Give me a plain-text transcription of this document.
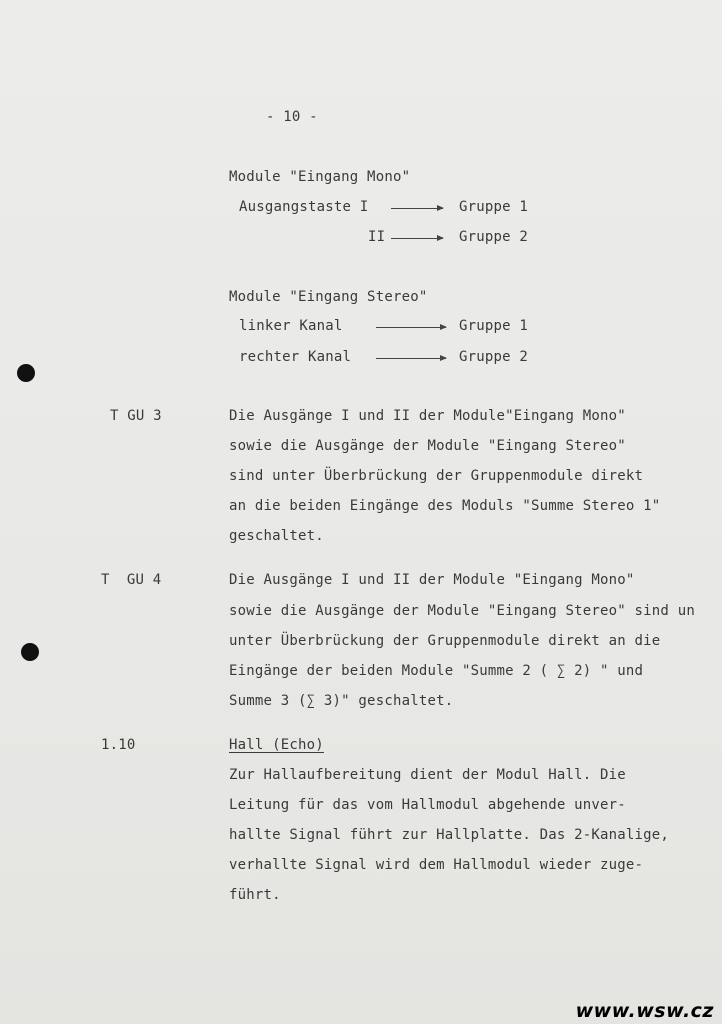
- 10 -
Module "Eingang Mono"
Ausgangstaste I	Gruppe 1
II	Gruppe 2
Module "Eingang Stereo"
linker Kanal	Gruppe 1
rechter Kanal	Gruppe 2
T GU 3	Die Ausgänge I und II der Module"Eingang Mono"
sowie die Ausgänge der Module "Eingang Stereo"
sind unter Überbrückung der Gruppenmodule direkt
an die beiden Eingänge des Moduls "Summe Stereo 1"
geschaltet.
T  GU 4	Die Ausgänge I und II der Module "Eingang Mono"
sowie die Ausgänge der Module "Eingang Stereo" sind un
unter Überbrückung der Gruppenmodule direkt an die
Eingänge der beiden Module "Summe 2 ( ∑ 2) " und
Summe 3 (∑ 3)" geschaltet.
1.10	Hall (Echo)
Zur Hallaufbereitung dient der Modul Hall. Die
Leitung für das vom Hallmodul abgehende unver-
hallte Signal führt zur Hallplatte. Das 2-Kanalige,
verhallte Signal wird dem Hallmodul wieder zuge-
führt.
www.wsw.cz
